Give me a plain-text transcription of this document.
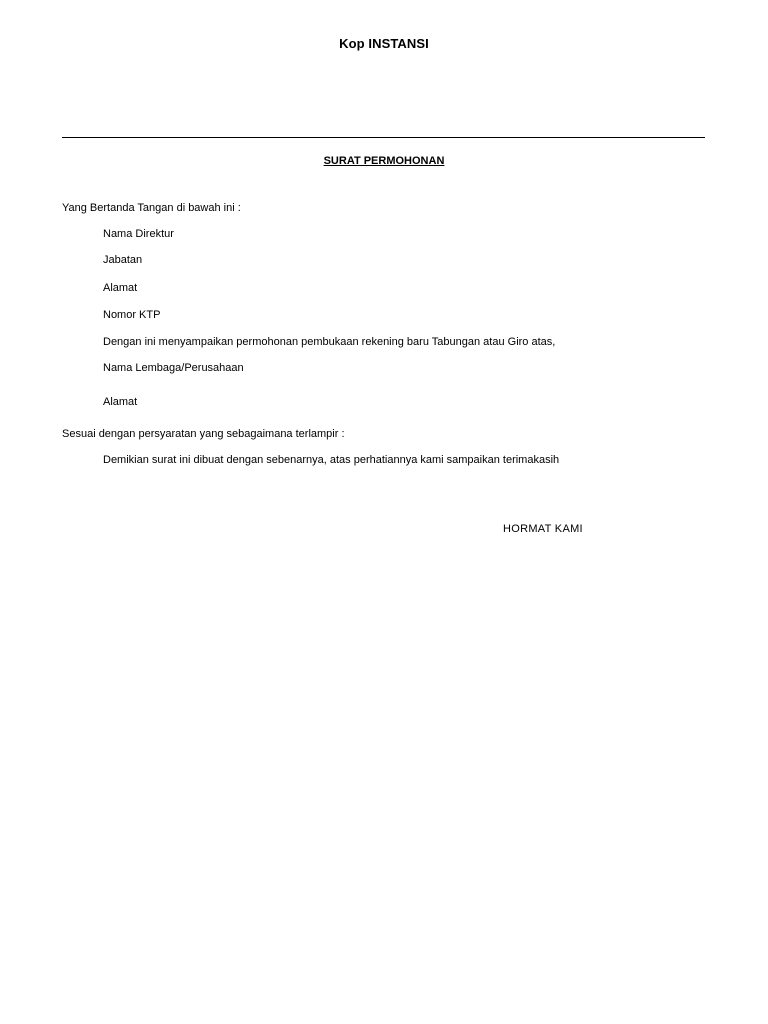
Kop INSTANSI
SURAT PERMOHONAN
Yang Bertanda Tangan di bawah ini :
Nama Direktur
Jabatan
Alamat
Nomor KTP
Dengan ini menyampaikan permohonan pembukaan rekening baru Tabungan atau Giro atas,
Nama Lembaga/Perusahaan
Alamat
Sesuai dengan persyaratan yang sebagaimana terlampir :
Demikian surat ini dibuat dengan sebenarnya, atas perhatiannya kami sampaikan terimakasih
HORMAT KAMI
